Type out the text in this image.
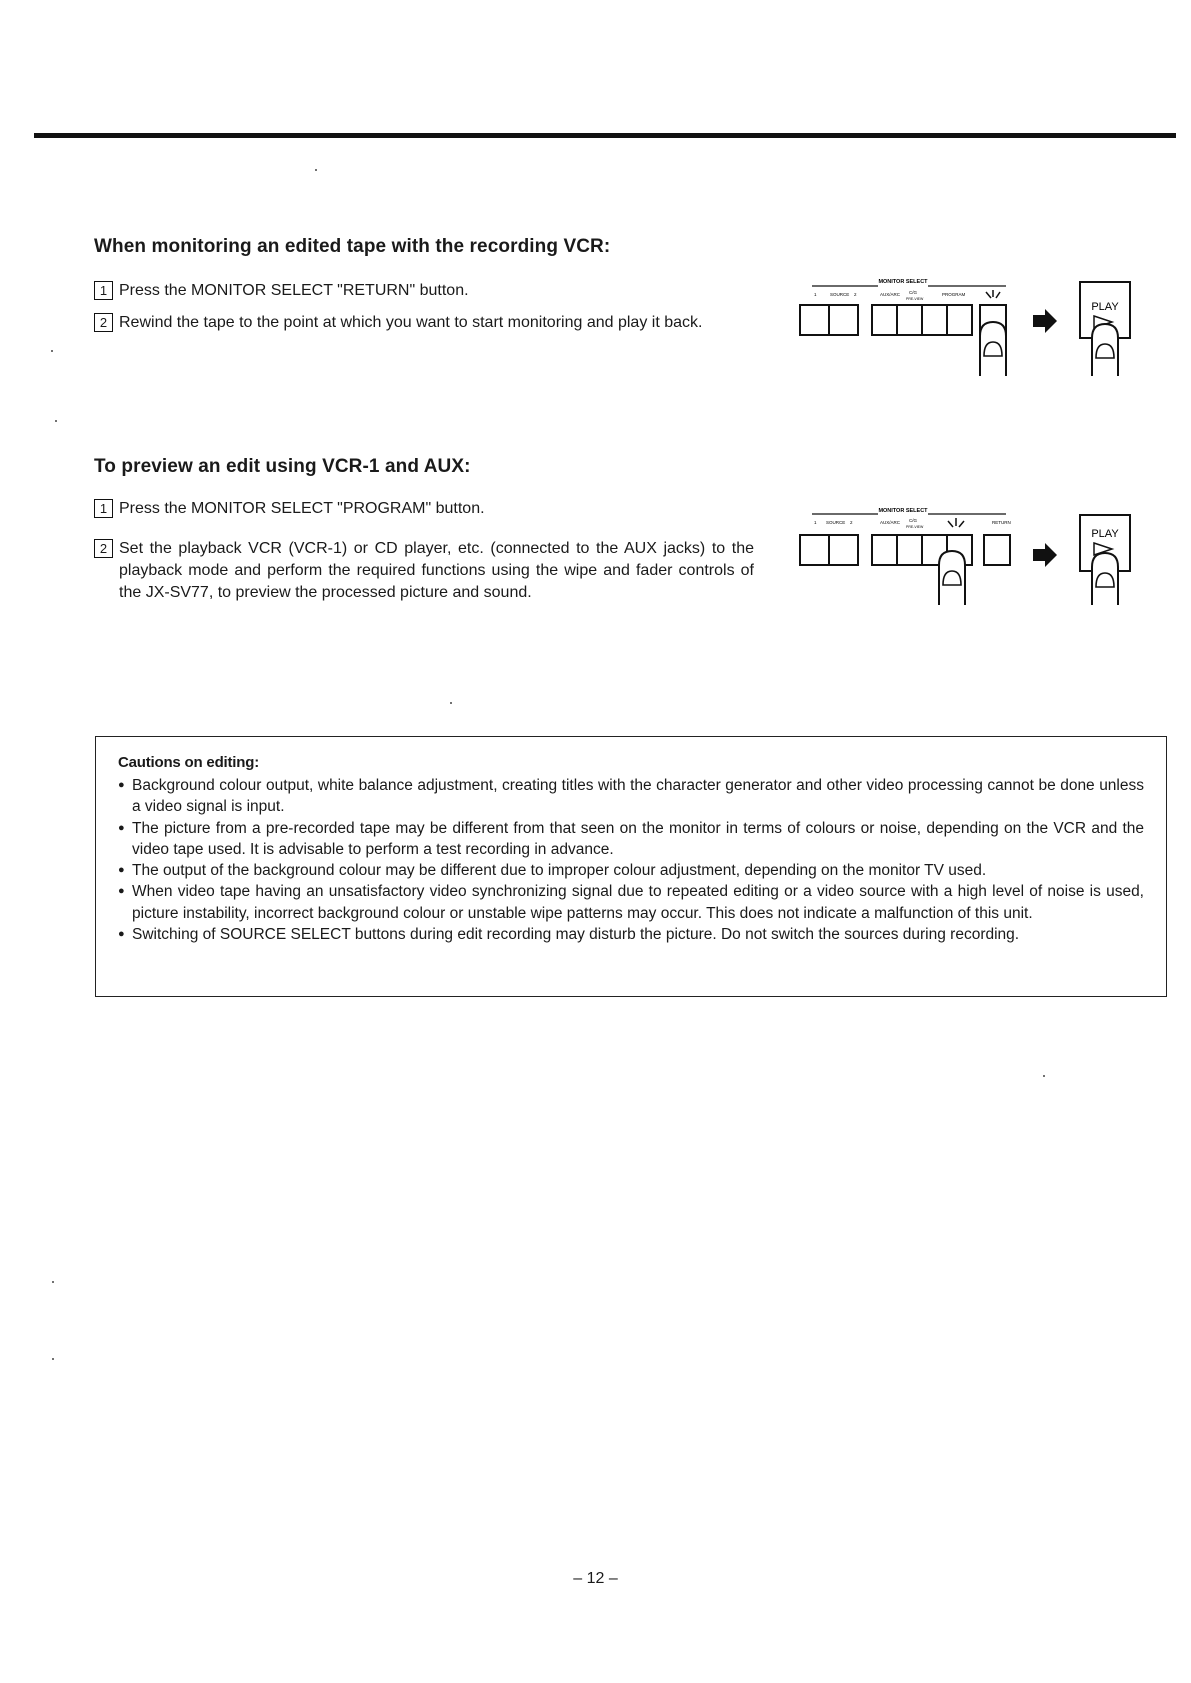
When monitoring an edited tape with the recording VCR:
1 Press the MONITOR SELECT "RETURN" button.
2 Rewind the tape to the point at which you want to start monitoring and play it back.
MONITOR SELECT
1	SOURCE 2	AUX/ARC C/G
PRE-VIEW
PROGRAM
PLAY
To preview an edit using VCR-1 and AUX:
1 Press the MONITOR SELECT "PROGRAM" button.
2 Set the playback VCR (VCR-1) or CD player, etc. (connected to the AUX jacks) to the playback mode and perform the required functions using the wipe and fader controls of the JX-SV77, to preview the processed picture and sound.
MONITOR SELECT
1 SOURCE 2	AUX/ARC C/G
PRE-VIEW
RETURN
PLAY
Cautions on editing:
● Background colour output, white balance adjustment, creating titles with the character generator and other video processing cannot be done unless a video signal is input.
● The picture from a pre-recorded tape may be different from that seen on the monitor in terms of colours or noise, depending on the VCR and the video tape used. It is advisable to perform a test recording in advance.
● The output of the background colour may be different due to improper colour adjustment, depending on the monitor TV used.
● When video tape having an unsatisfactory video synchronizing signal due to repeated editing or a video source with a high level of noise is used, picture instability, incorrect background colour or unstable wipe patterns may occur. This does not indicate a malfunction of this unit.
● Switching of SOURCE SELECT buttons during edit recording may disturb the picture. Do not switch the sources during recording.
– 12 –
